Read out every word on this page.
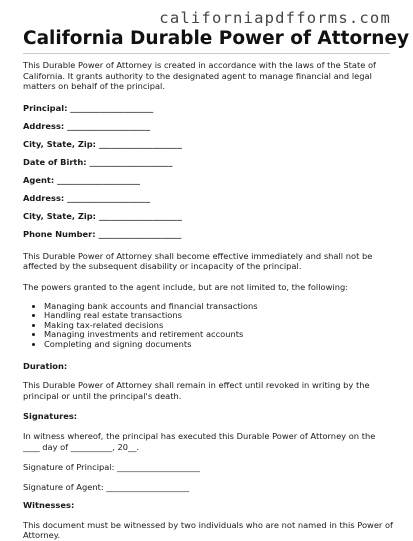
californiapdfforms.com
California Durable Power of Attorney

This Durable Power of Attorney is created in accordance with the laws of the State of California. It grants authority to the designated agent to manage financial and legal matters on behalf of the principal.

Principal: ____________________
Address: ____________________
City, State, Zip: ____________________
Date of Birth: ____________________
Agent: ____________________
Address: ____________________
City, State, Zip: ____________________
Phone Number: ____________________

This Durable Power of Attorney shall become effective immediately and shall not be affected by the subsequent disability or incapacity of the principal.

The powers granted to the agent include, but are not limited to, the following:

• Managing bank accounts and financial transactions
• Handling real estate transactions
• Making tax-related decisions
• Managing investments and retirement accounts
• Completing and signing documents

Duration:

This Durable Power of Attorney shall remain in effect until revoked in writing by the principal or until the principal's death.

Signatures:

In witness whereof, the principal has executed this Durable Power of Attorney on the ____ day of __________, 20__.

Signature of Principal: ____________________
Signature of Agent: ____________________

Witnesses:

This document must be witnessed by two individuals who are not named in this Power of Attorney.
